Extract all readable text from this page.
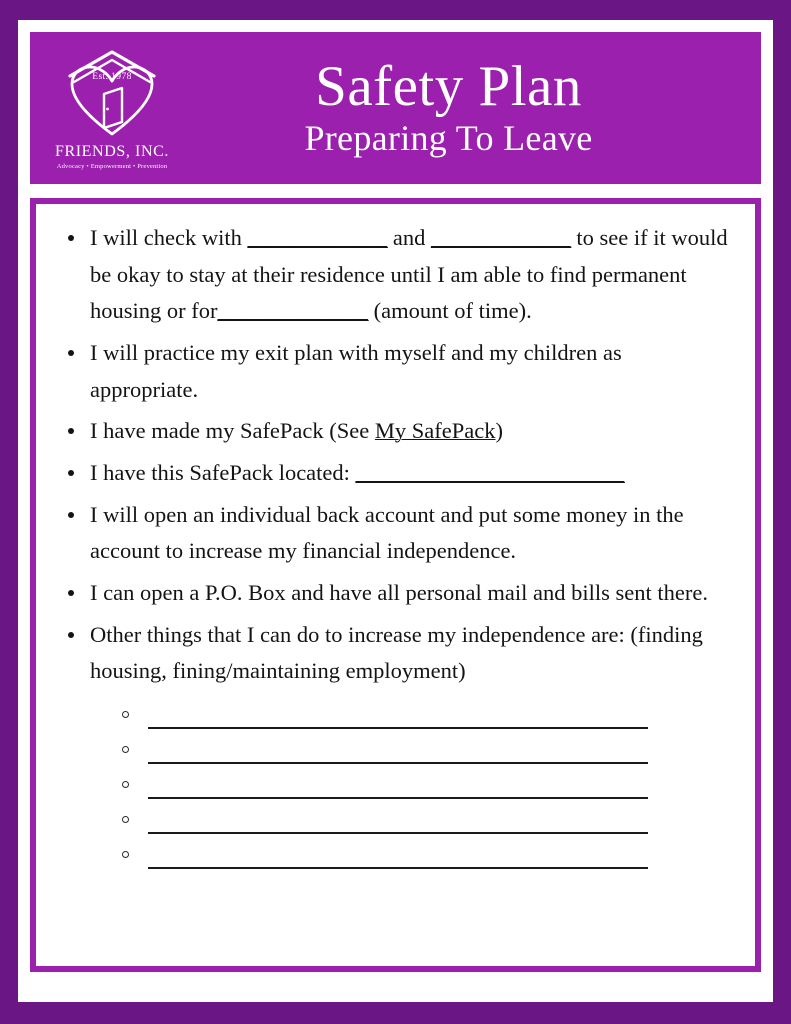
Est. 1978
FRIENDS, INC.
Advocacy • Empowerment • Prevention
Safety Plan
Preparing To Leave
I will check with _____________ and _____________ to see if it would be okay to stay at their residence until I am able to find permanent housing or for______________ (amount of time).
I will practice my exit plan with myself and my children as appropriate.
I have made my SafePack (See My SafePack)
I have this SafePack located: _________________________
I will open an individual back account and put some money in the account to increase my financial independence.
I can open a P.O. Box and have all personal mail and bills sent there.
Other things that I can do to increase my independence are: (finding housing, fining/maintaining employment)
